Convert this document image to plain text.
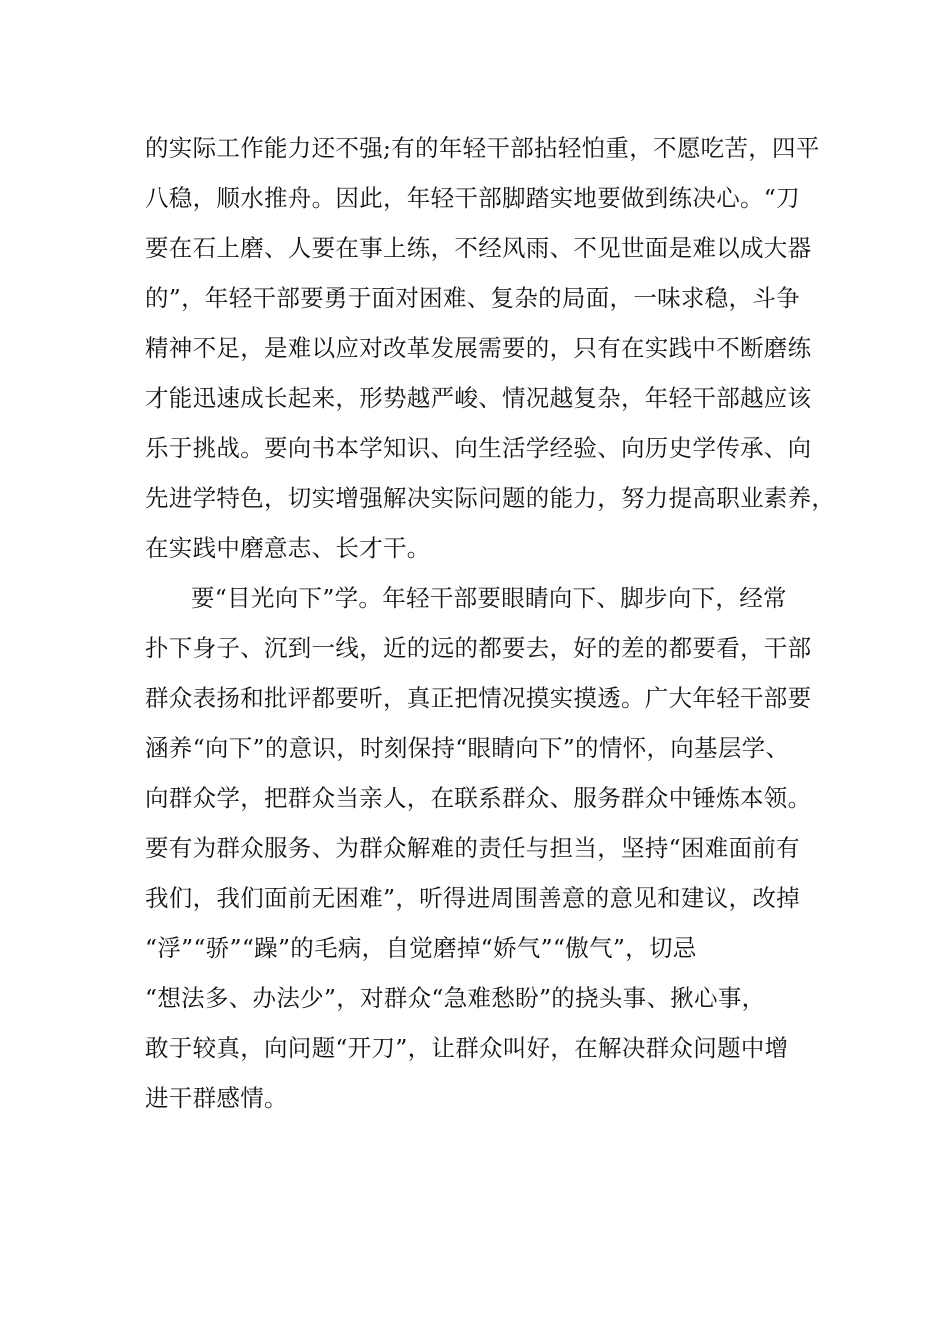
的实际工作能力还不强;有的年轻干部拈轻怕重，不愿吃苦，四平
八稳，顺水推舟。因此，年轻干部脚踏实地要做到练决心。“刀
要在石上磨、人要在事上练，不经风雨、不见世面是难以成大器
的”，年轻干部要勇于面对困难、复杂的局面，一味求稳，斗争
精神不足，是难以应对改革发展需要的，只有在实践中不断磨练
才能迅速成长起来，形势越严峻、情况越复杂，年轻干部越应该
乐于挑战。要向书本学知识、向生活学经验、向历史学传承、向
先进学特色，切实增强解决实际问题的能力，努力提高职业素养，
在实践中磨意志、长才干。
要“目光向下”学。年轻干部要眼睛向下、脚步向下，经常
扑下身子、沉到一线，近的远的都要去，好的差的都要看，干部
群众表扬和批评都要听，真正把情况摸实摸透。广大年轻干部要
涵养“向下”的意识，时刻保持“眼睛向下”的情怀，向基层学、
向群众学，把群众当亲人，在联系群众、服务群众中锤炼本领。
要有为群众服务、为群众解难的责任与担当，坚持“困难面前有
我们，我们面前无困难”，听得进周围善意的意见和建议，改掉
“浮”“骄”“躁”的毛病，自觉磨掉“娇气”“傲气”，切忌
“想法多、办法少”，对群众“急难愁盼”的挠头事、揪心事，
敢于较真，向问题“开刀”，让群众叫好，在解决群众问题中增
进干群感情。
